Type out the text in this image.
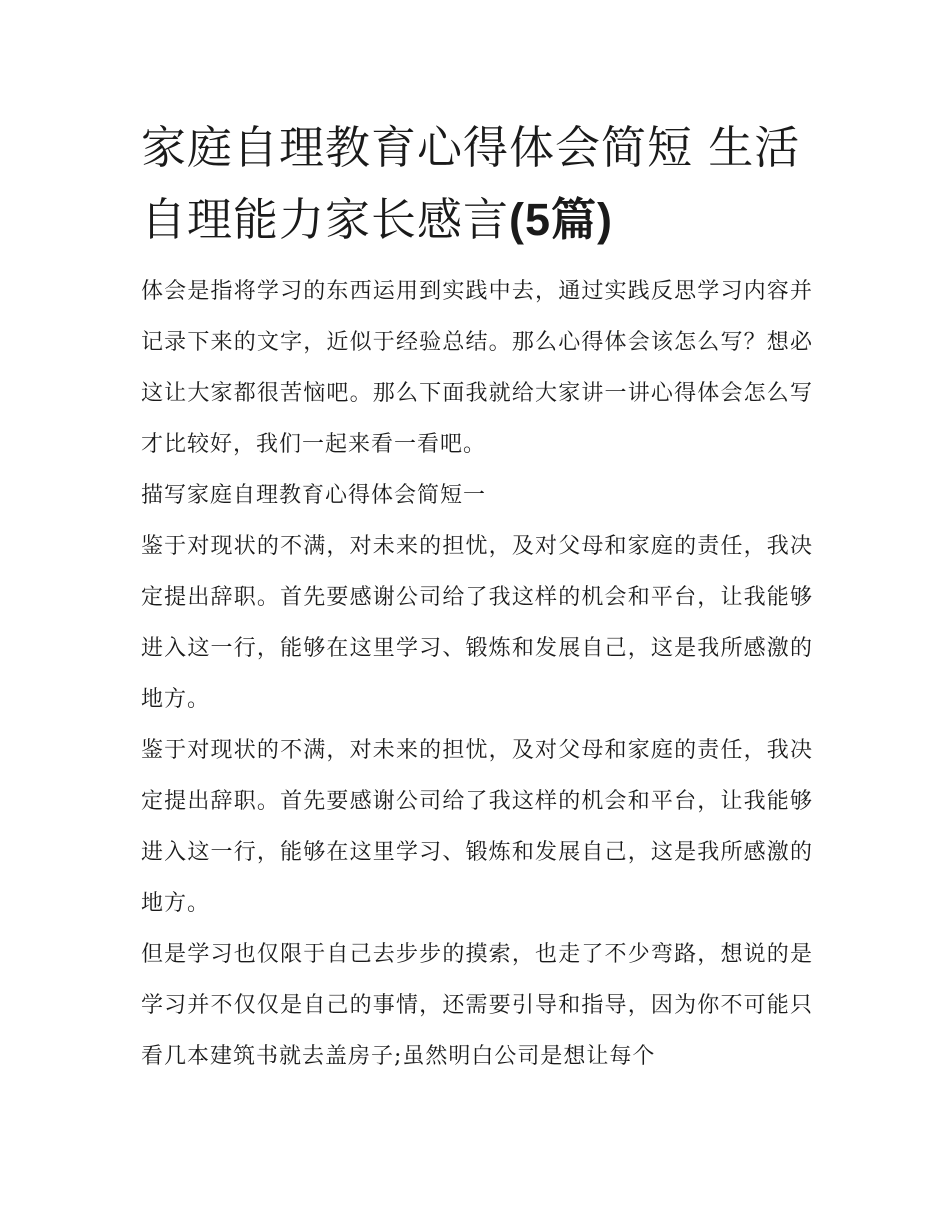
家庭自理教育心得体会简短 生活自理能力家长感言(5篇)

体会是指将学习的东西运用到实践中去，通过实践反思学习内容并记录下来的文字，近似于经验总结。那么心得体会该怎么写？想必这让大家都很苦恼吧。那么下面我就给大家讲一讲心得体会怎么写才比较好，我们一起来看一看吧。

描写家庭自理教育心得体会简短一

鉴于对现状的不满，对未来的担忧，及对父母和家庭的责任，我决定提出辞职。首先要感谢公司给了我这样的机会和平台，让我能够进入这一行，能够在这里学习、锻炼和发展自己，这是我所感激的地方。

鉴于对现状的不满，对未来的担忧，及对父母和家庭的责任，我决定提出辞职。首先要感谢公司给了我这样的机会和平台，让我能够进入这一行，能够在这里学习、锻炼和发展自己，这是我所感激的地方。

但是学习也仅限于自己去步步的摸索，也走了不少弯路，想说的是学习并不仅仅是自己的事情，还需要引导和指导，因为你不可能只看几本建筑书就去盖房子;虽然明白公司是想让每个
